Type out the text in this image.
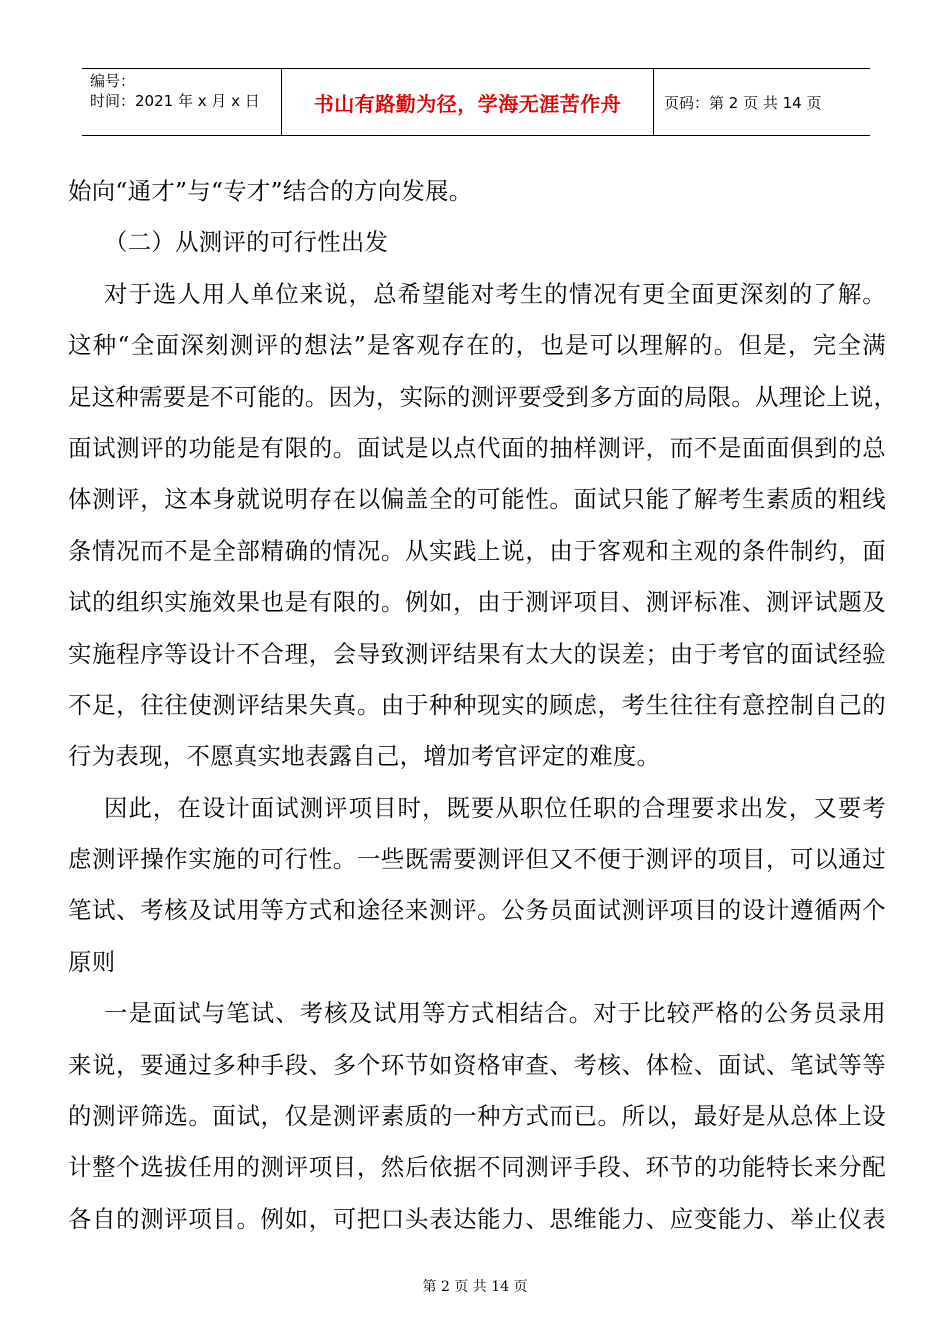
编号：
时间：2021 年 x 月 x 日	书山有路勤为径，学海无涯苦作舟	页码：第 2 页 共 14 页
始向“通才”与“专才”结合的方向发展。
（二）从测评的可行性出发
对于选人用人单位来说，总希望能对考生的情况有更全面更深刻的了解。
这种“全面深刻测评的想法”是客观存在的，也是可以理解的。但是，完全满
足这种需要是不可能的。因为，实际的测评要受到多方面的局限。从理论上说，
面试测评的功能是有限的。面试是以点代面的抽样测评，而不是面面俱到的总
体测评，这本身就说明存在以偏盖全的可能性。面试只能了解考生素质的粗线
条情况而不是全部精确的情况。从实践上说，由于客观和主观的条件制约，面
试的组织实施效果也是有限的。例如，由于测评项目、测评标准、测评试题及
实施程序等设计不合理，会导致测评结果有太大的误差；由于考官的面试经验
不足，往往使测评结果失真。由于种种现实的顾虑，考生往往有意控制自己的
行为表现，不愿真实地表露自己，增加考官评定的难度。
因此，在设计面试测评项目时，既要从职位任职的合理要求出发，又要考
虑测评操作实施的可行性。一些既需要测评但又不便于测评的项目，可以通过
笔试、考核及试用等方式和途径来测评。公务员面试测评项目的设计遵循两个
原则
一是面试与笔试、考核及试用等方式相结合。对于比较严格的公务员录用
来说，要通过多种手段、多个环节如资格审查、考核、体检、面试、笔试等等
的测评筛选。面试，仅是测评素质的一种方式而已。所以，最好是从总体上设
计整个选拔任用的测评项目，然后依据不同测评手段、环节的功能特长来分配
各自的测评项目。例如，可把口头表达能力、思维能力、应变能力、举止仪表
第 2 页 共 14 页
